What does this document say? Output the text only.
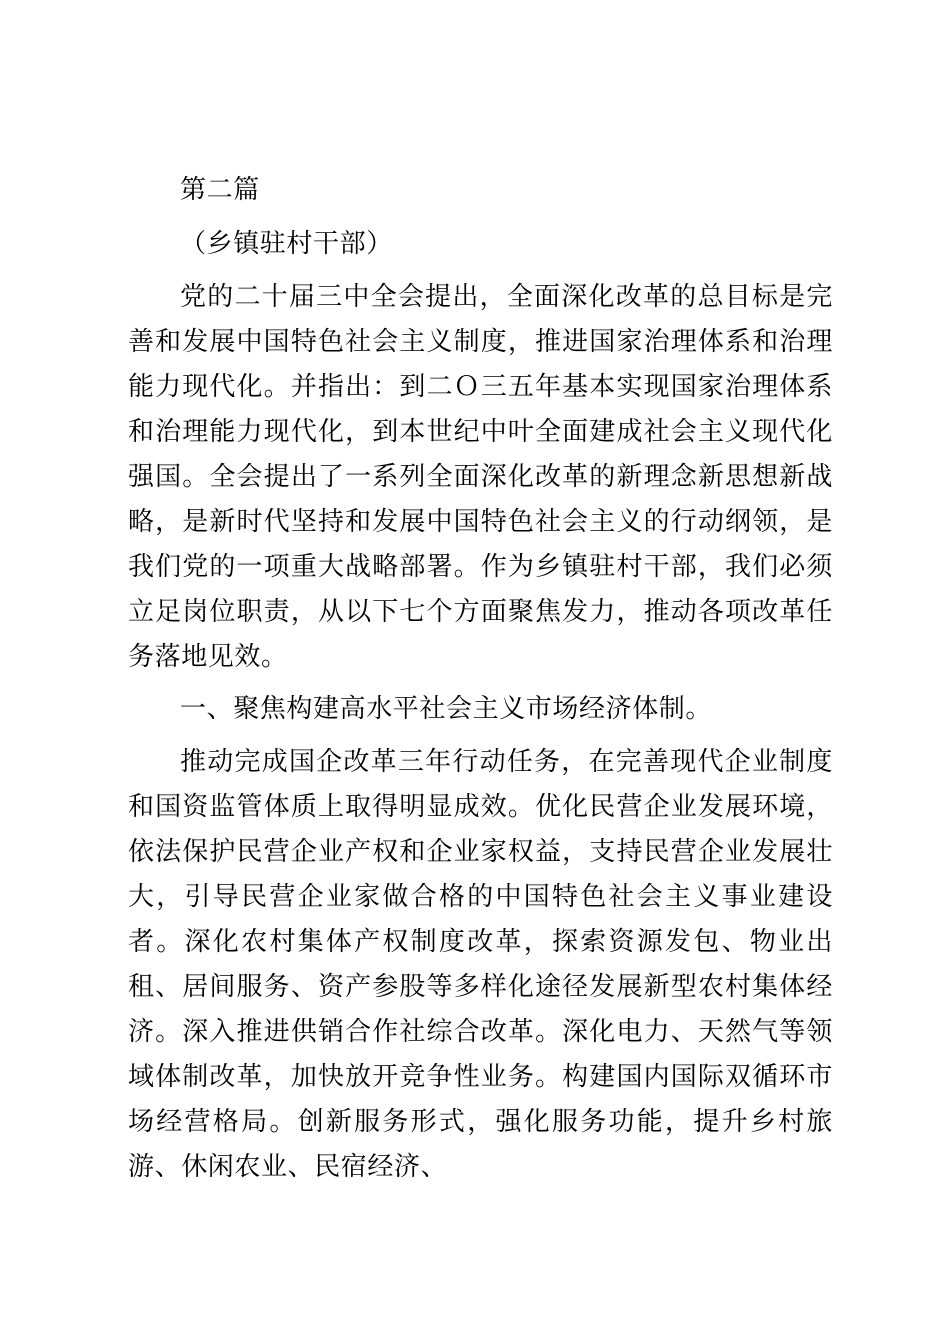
第二篇

（乡镇驻村干部）

党的二十届三中全会提出，全面深化改革的总目标是完善和发展中国特色社会主义制度，推进国家治理体系和治理能力现代化。并指出：到二Ｏ三五年基本实现国家治理体系和治理能力现代化，到本世纪中叶全面建成社会主义现代化强国。全会提出了一系列全面深化改革的新理念新思想新战略，是新时代坚持和发展中国特色社会主义的行动纲领，是我们党的一项重大战略部署。作为乡镇驻村干部，我们必须立足岗位职责，从以下七个方面聚焦发力，推动各项改革任务落地见效。

一、聚焦构建高水平社会主义市场经济体制。

推动完成国企改革三年行动任务，在完善现代企业制度和国资监管体质上取得明显成效。优化民营企业发展环境，依法保护民营企业产权和企业家权益，支持民营企业发展壮大，引导民营企业家做合格的中国特色社会主义事业建设者。深化农村集体产权制度改革，探索资源发包、物业出租、居间服务、资产参股等多样化途径发展新型农村集体经济。深入推进供销合作社综合改革。深化电力、天然气等领域体制改革，加快放开竞争性业务。构建国内国际双循环市场经营格局。创新服务形式，强化服务功能，提升乡村旅游、休闲农业、民宿经济、
